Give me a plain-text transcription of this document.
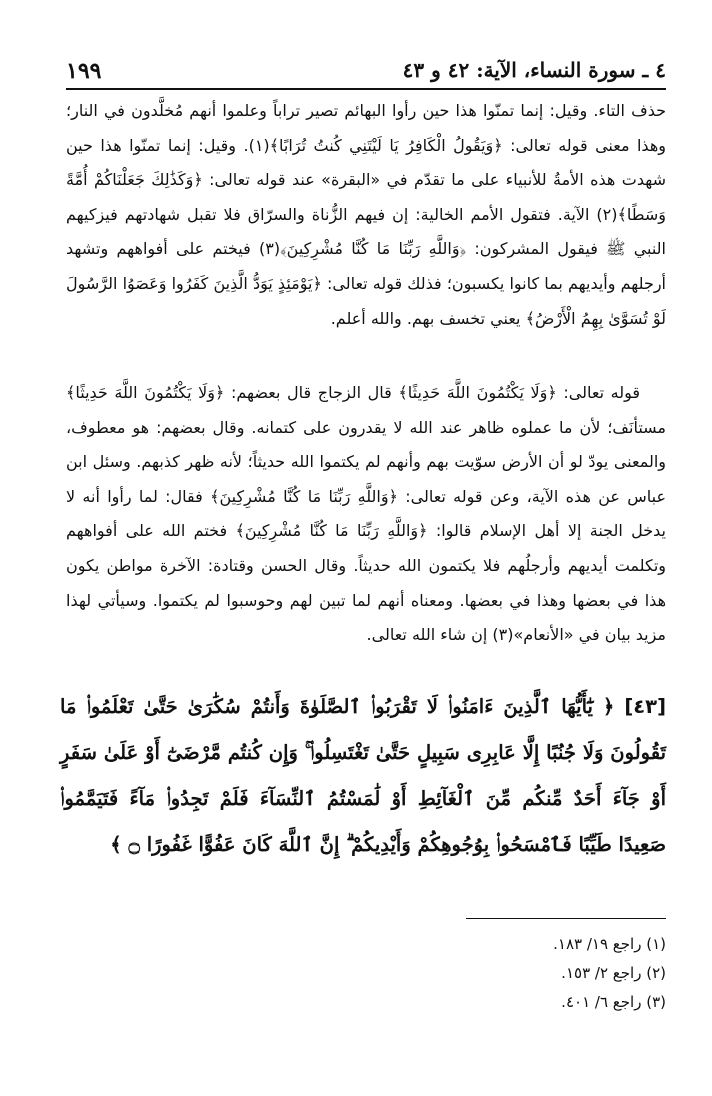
٤ ـ سورة النساء، الآية: ٤٢ و ٤٣
١٩٩

حذف التاء. وقيل: إنما تمنّوا هذا حين رأوا البهائم تصير تراباً وعلموا أنهم مُخلَّدون في النار؛ وهذا معنى قوله تعالى: ﴿وَيَقُولُ الْكَافِرُ يَا لَيْتَنِي كُنتُ تُرَابًا﴾(١). وقيل: إنما تمنّوا هذا حين شهدت هذه الأمةُ للأنبياء على ما تقدّم في «البقرة» عند قوله تعالى: ﴿وَكَذَٰلِكَ جَعَلْنَاكُمْ أُمَّةً وَسَطًا﴾(٢) الآية. فتقول الأمم الخالية: إن فيهم الزُّناة والسرّاق فلا تقبل شهادتهم فيزكيهم النبي ﷺ فيقول المشركون: ﴿وَاللَّهِ رَبِّنَا مَا كُنَّا مُشْرِكِينَ﴾(٣) فيختم على أفواههم وتشهد أرجلهم وأيديهم بما كانوا يكسبون؛ فذلك قوله تعالى: ﴿يَوْمَئِذٍ يَوَدُّ الَّذِينَ كَفَرُوا وَعَصَوُا الرَّسُولَ لَوْ تُسَوَّىٰ بِهِمُ الْأَرْضُ﴾ يعني تخسف بهم. والله أعلم.

قوله تعالى: ﴿وَلَا يَكْتُمُونَ اللَّهَ حَدِيثًا﴾ قال الزجاج قال بعضهم: ﴿وَلَا يَكْتُمُونَ اللَّهَ حَدِيثًا﴾ مستأنَف؛ لأن ما عملوه ظاهر عند الله لا يقدرون على كتمانه. وقال بعضهم: هو معطوف، والمعنى يودّ لو أن الأرض سوّيت بهم وأنهم لم يكتموا الله حديثاً؛ لأنه ظهر كذبهم. وسئل ابن عباس عن هذه الآية، وعن قوله تعالى: ﴿وَاللَّهِ رَبِّنَا مَا كُنَّا مُشْرِكِينَ﴾ فقال: لما رأوا أنه لا يدخل الجنة إلا أهل الإسلام قالوا: ﴿وَاللَّهِ رَبِّنَا مَا كُنَّا مُشْرِكِينَ﴾ فختم الله على أفواههم وتكلمت أيديهم وأرجلُهم فلا يكتمون الله حديثاً. وقال الحسن وقتادة: الآخرة مواطن يكون هذا في بعضها وهذا في بعضها. ومعناه أنهم لما تبين لهم وحوسبوا لم يكتموا. وسيأتي لهذا مزيد بيان في «الأنعام»(٣) إن شاء الله تعالى.

[٤٣] ﴿ يَٰٓأَيُّهَا ٱلَّذِينَ ءَامَنُوا۟ لَا تَقْرَبُوا۟ ٱلصَّلَوٰةَ وَأَنتُمْ سُكَٰرَىٰ حَتَّىٰ تَعْلَمُوا۟ مَا تَقُولُونَ وَلَا جُنُبًا إِلَّا عَابِرِى سَبِيلٍ حَتَّىٰ تَغْتَسِلُوا۟ ۚ وَإِن كُنتُم مَّرْضَىٰٓ أَوْ عَلَىٰ سَفَرٍ أَوْ جَآءَ أَحَدٌ مِّنكُم مِّنَ ٱلْغَآئِطِ أَوْ لَٰمَسْتُمُ ٱلنِّسَآءَ فَلَمْ تَجِدُوا۟ مَآءً فَتَيَمَّمُوا۟ صَعِيدًا طَيِّبًا فَٱمْسَحُوا۟ بِوُجُوهِكُمْ وَأَيْدِيكُمْ ۗ إِنَّ ٱللَّهَ كَانَ عَفُوًّا غَفُورًا ۝ ﴾

(١) راجع ١٩/ ١٨٣.

(٢) راجع ٢/ ١٥٣.

(٣) راجع ٦/ ٤٠١.
